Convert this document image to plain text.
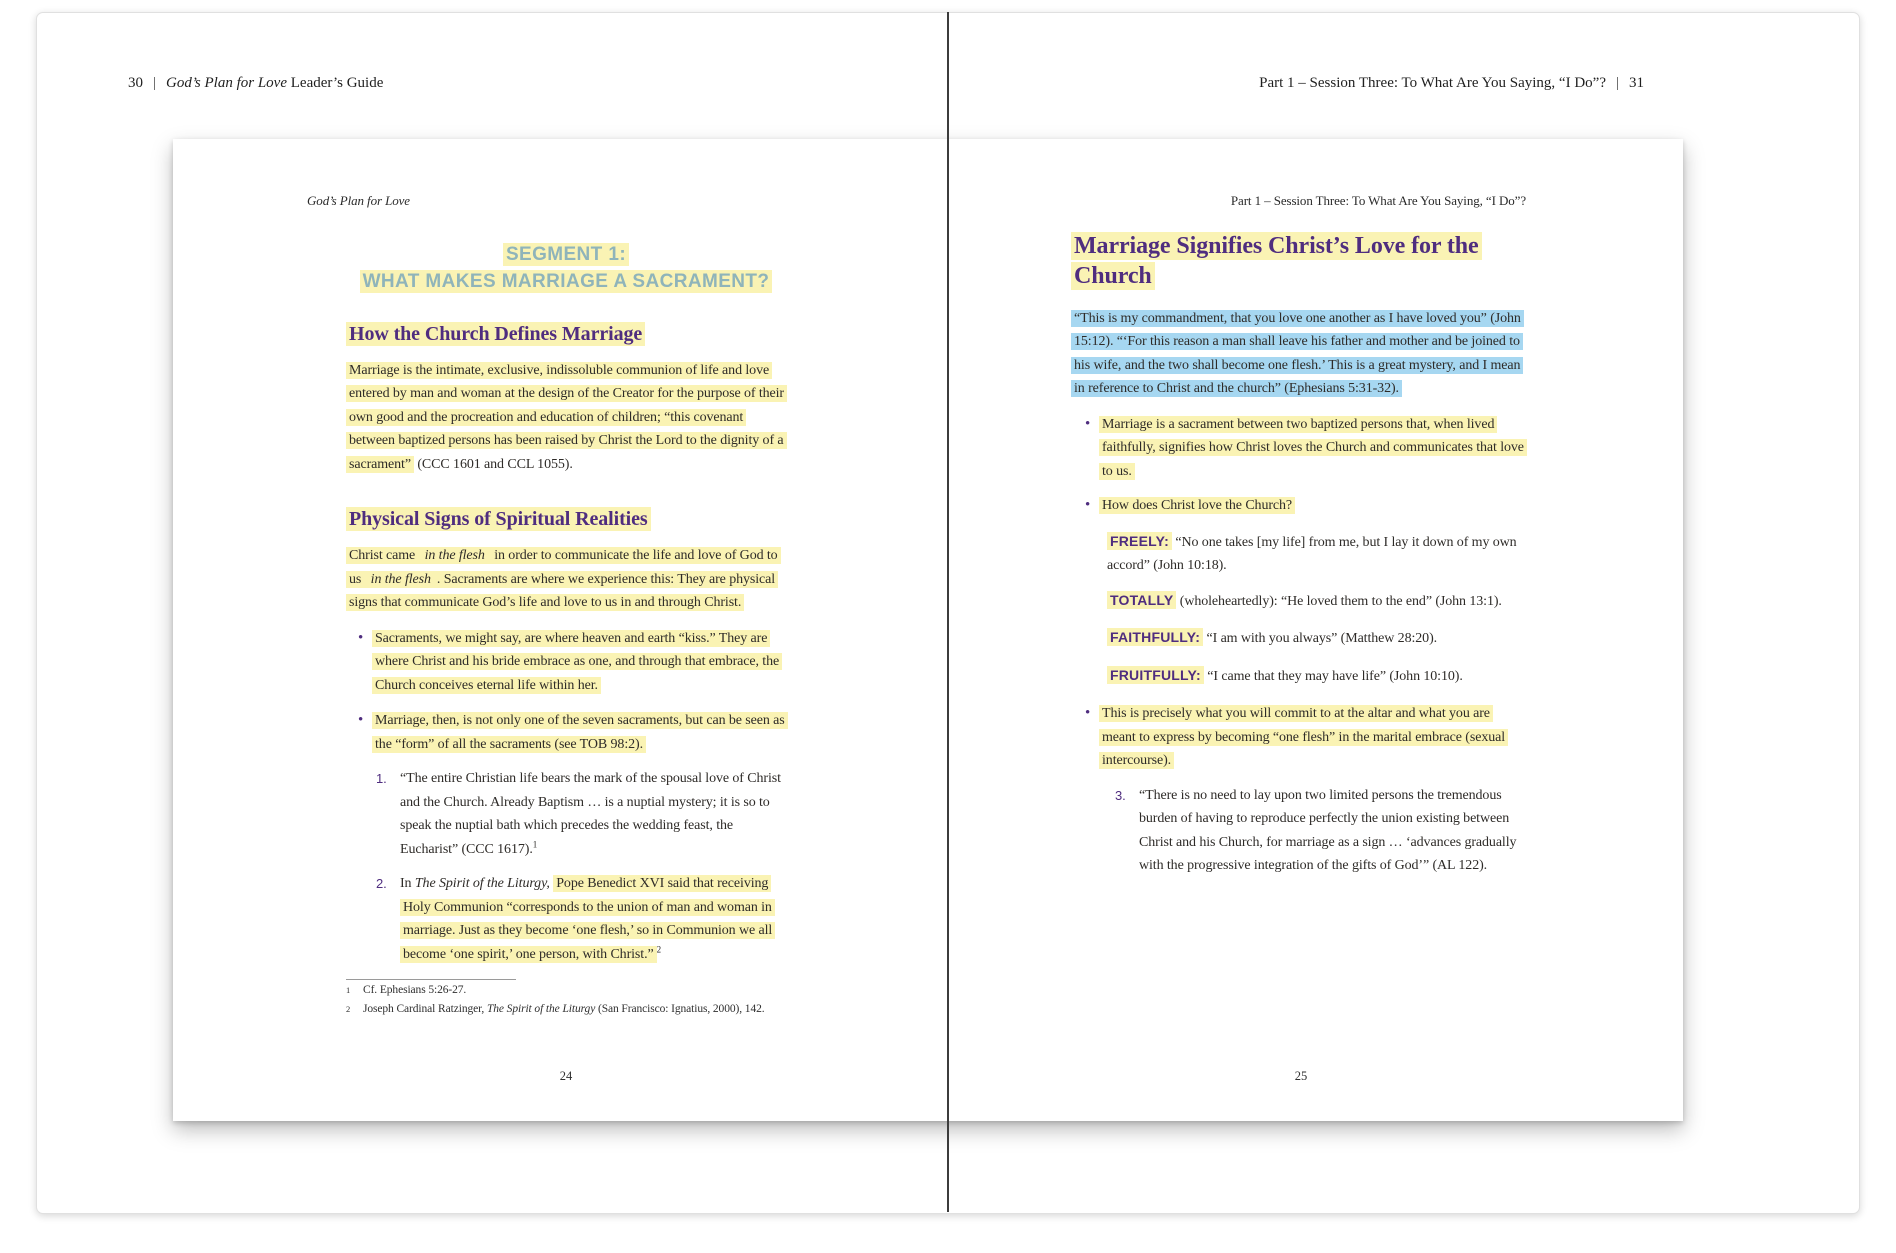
30 | God’s Plan for Love Leader’s Guide	Part 1 – Session Three: To What Are You Saying, “I Do”? | 31
God’s Plan for Love
SEGMENT 1:
WHAT MAKES MARRIAGE A SACRAMENT?
How the Church Defines Marriage
Marriage is the intimate, exclusive, indissoluble communion of life and love entered by man and woman at the design of the Creator for the purpose of their own good and the procreation and education of children; “this covenant between baptized persons has been raised by Christ the Lord to the dignity of a sacrament” (CCC 1601 and CCL 1055).
Physical Signs of Spiritual Realities
Christ came in the flesh in order to communicate the life and love of God to us in the flesh . Sacraments are where we experience this: They are physical signs that communicate God’s life and love to us in and through Christ.
• Sacraments, we might say, are where heaven and earth “kiss.” They are where Christ and his bride embrace as one, and through that embrace, the Church conceives eternal life within her.
• Marriage, then, is not only one of the seven sacraments, but can be seen as the “form” of all the sacraments (see TOB 98:2).
1. “The entire Christian life bears the mark of the spousal love of Christ and the Church. Already Baptism … is a nuptial mystery; it is so to speak the nuptial bath which precedes the wedding feast, the Eucharist” (CCC 1617).$^1$
2. In The Spirit of the Liturgy, Pope Benedict XVI said that receiving Holy Communion “corresponds to the union of man and woman in marriage. Just as they become ‘one flesh,’ so in Communion we all become ‘one spirit,’ one person, with Christ.” $^2$
1	Cf. Ephesians 5:26-27.
2	Joseph Cardinal Ratzinger, The Spirit of the Liturgy (San Francisco: Ignatius, 2000), 142.
Part 1 – Session Three: To What Are You Saying, “I Do”?
Marriage Signifies Christ’s Love for the Church
“This is my commandment, that you love one another as I have loved you” (John 15:12). “‘For this reason a man shall leave his father and mother and be joined to his wife, and the two shall become one flesh.’ This is a great mystery, and I mean in reference to Christ and the church” (Ephesians 5:31-32).
• Marriage is a sacrament between two baptized persons that, when lived faithfully, signifies how Christ loves the Church and communicates that love to us.
• How does Christ love the Church?
FREELY: “No one takes [my life] from me, but I lay it down of my own accord” (John 10:18).
TOTALLY (wholeheartedly): “He loved them to the end” (John 13:1).
FAITHFULLY: “I am with you always” (Matthew 28:20).
FRUITFULLY: “I came that they may have life” (John 10:10).
• This is precisely what you will commit to at the altar and what you are meant to express by becoming “one flesh” in the marital embrace (sexual intercourse).
3. “There is no need to lay upon two limited persons the tremendous burden of having to reproduce perfectly the union existing between Christ and his Church, for marriage as a sign … ‘advances gradually with the progressive integration of the gifts of God’” (AL 122).
24	25
